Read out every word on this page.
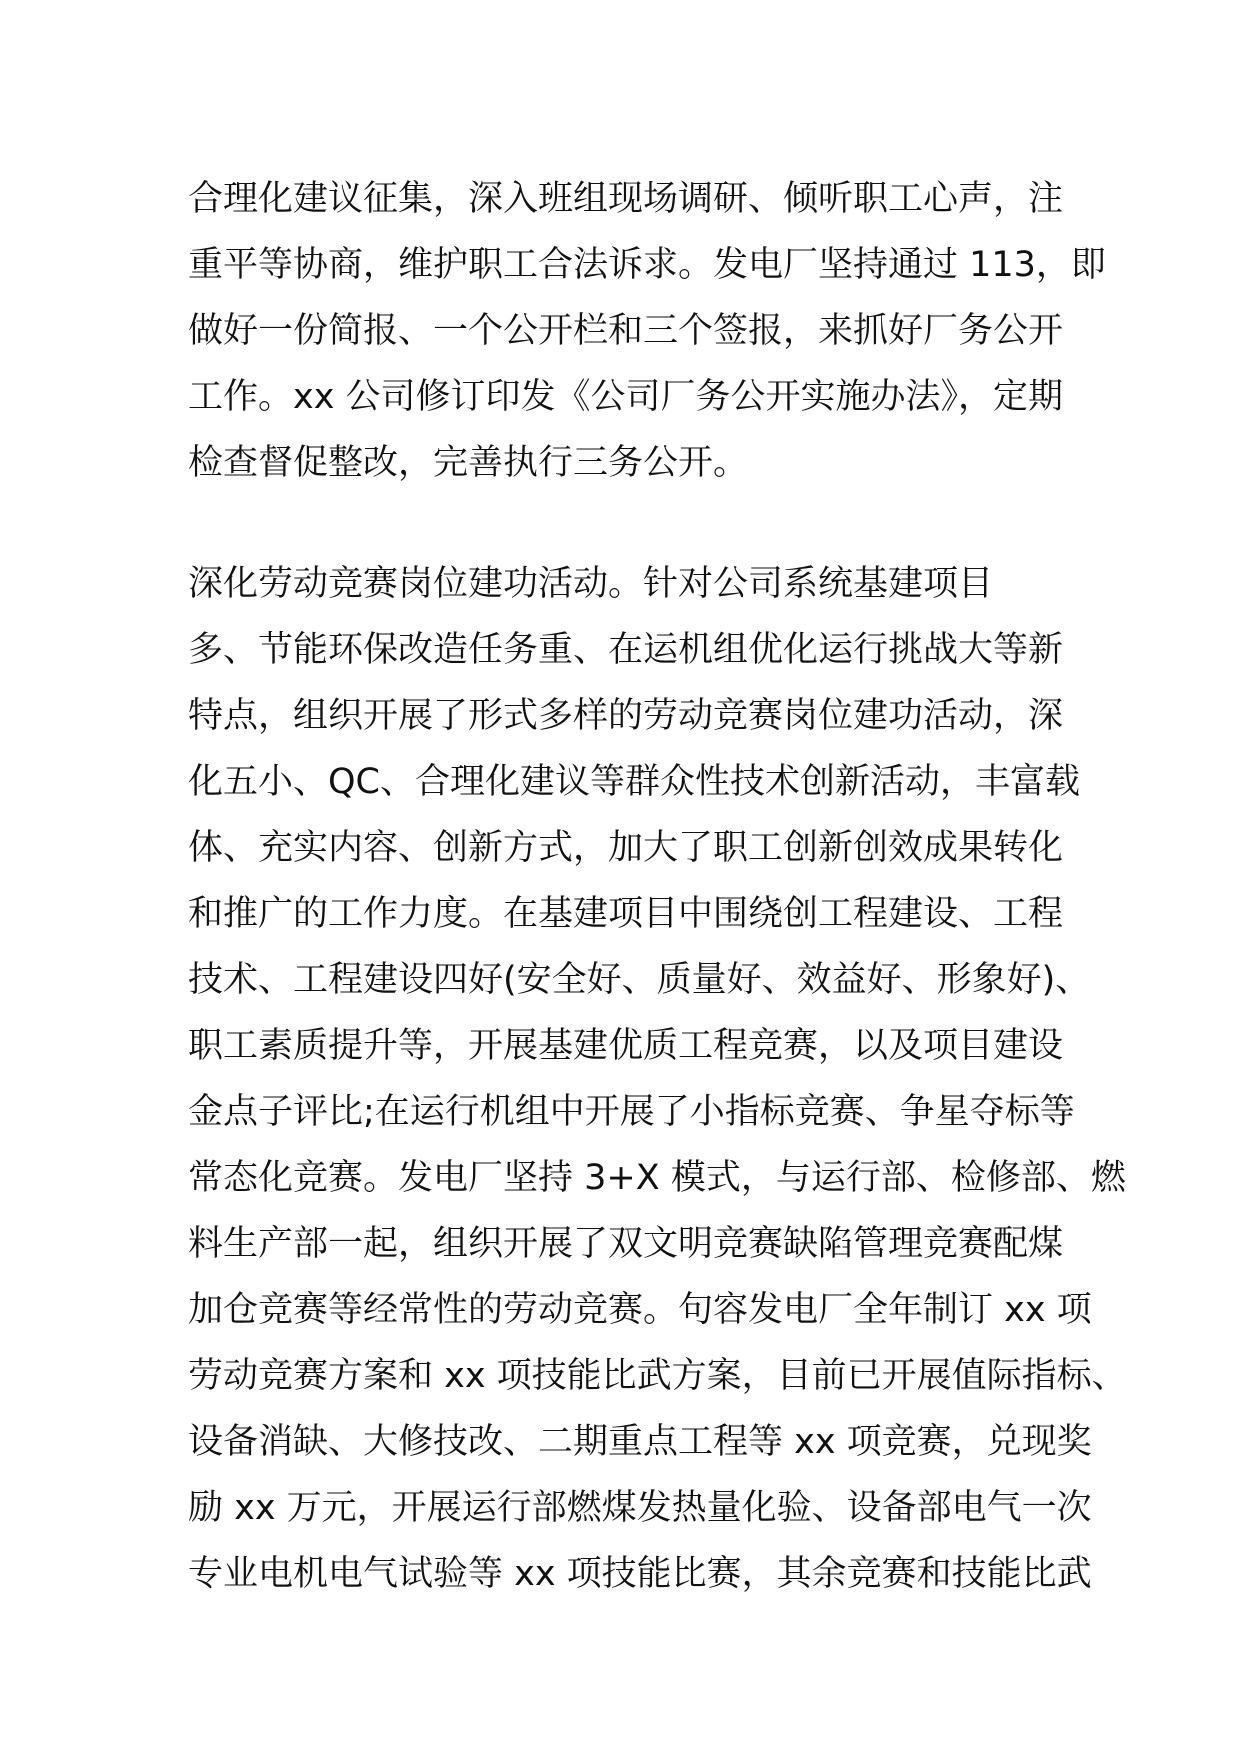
合理化建议征集，深入班组现场调研、倾听职工心声，注
重平等协商，维护职工合法诉求。发电厂坚持通过 113，即
做好一份简报、一个公开栏和三个签报，来抓好厂务公开
工作。xx 公司修订印发《公司厂务公开实施办法》，定期
检查督促整改，完善执行三务公开。
深化劳动竞赛岗位建功活动。针对公司系统基建项目
多、节能环保改造任务重、在运机组优化运行挑战大等新
特点，组织开展了形式多样的劳动竞赛岗位建功活动，深
化五小、QC、合理化建议等群众性技术创新活动，丰富载
体、充实内容、创新方式，加大了职工创新创效成果转化
和推广的工作力度。在基建项目中围绕创工程建设、工程
技术、工程建设四好(安全好、质量好、效益好、形象好)、
职工素质提升等，开展基建优质工程竞赛，以及项目建设
金点子评比;在运行机组中开展了小指标竞赛、争星夺标等
常态化竞赛。发电厂坚持 3+X 模式，与运行部、检修部、燃
料生产部一起，组织开展了双文明竞赛缺陷管理竞赛配煤
加仓竞赛等经常性的劳动竞赛。句容发电厂全年制订 xx 项
劳动竞赛方案和 xx 项技能比武方案，目前已开展值际指标、
设备消缺、大修技改、二期重点工程等 xx 项竞赛，兑现奖
励 xx 万元，开展运行部燃煤发热量化验、设备部电气一次
专业电机电气试验等 xx 项技能比赛，其余竞赛和技能比武
